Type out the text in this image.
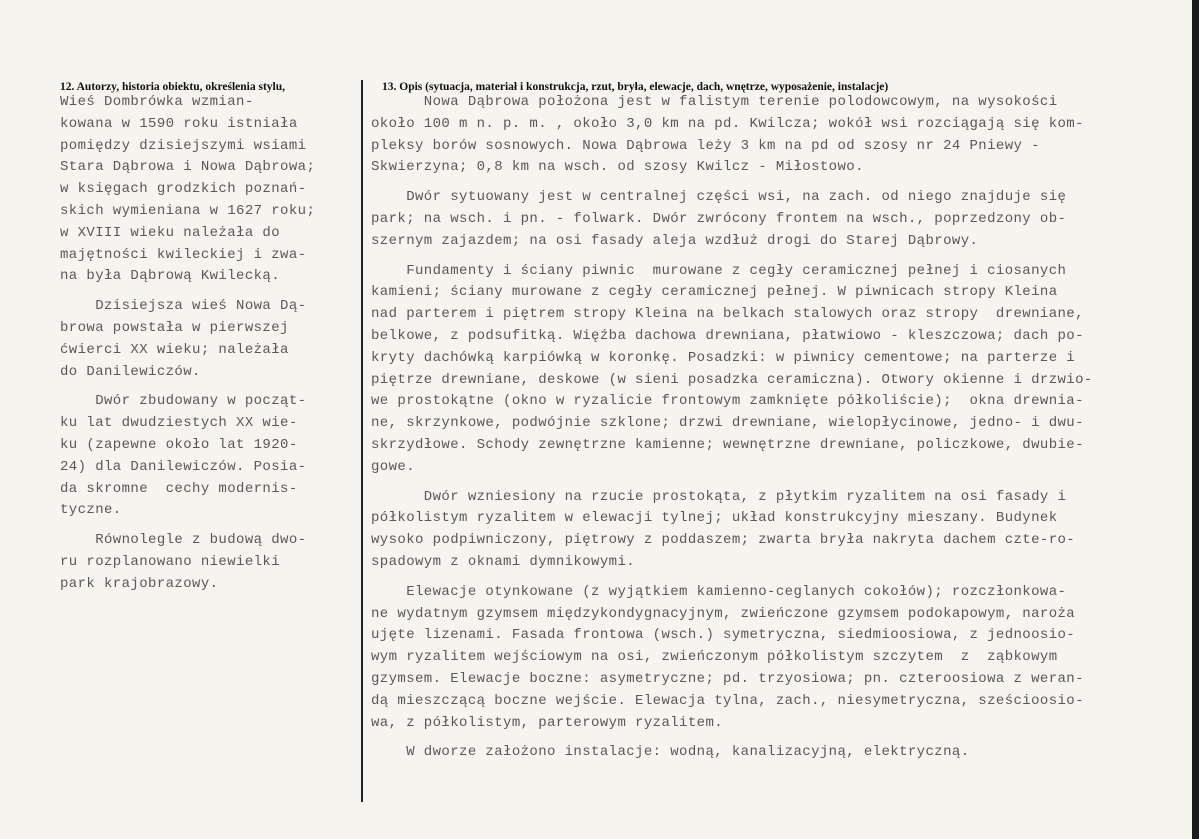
12. Autorzy, historia obiektu, określenia stylu,	13. Opis (sytuacja, materiał i konstrukcja, rzut, bryła, elewacje, dach, wnętrze, wyposażenie, instalacje)
Wieś Dombrówka wzmian-
kowana w 1590 roku istniała
pomiędzy dzisiejszymi wsiami
Stara Dąbrowa i Nowa Dąbrowa;
w księgach grodzkich poznań-
skich wymieniana w 1627 roku;
w XVIII wieku należała do
majętności kwileckiej i zwa-
na była Dąbrową Kwilecką.
Dzisiejsza wieś Nowa Dą-
browa powstała w pierwszej
ćwierci XX wieku; należała
do Danilewiczów.
Dwór zbudowany w począt-
ku lat dwudziestych XX wie-
ku (zapewne około lat 1920-
24) dla Danilewiczów. Posia-
da skromne  cechy modernis-
tyczne.
Równolegle z budową dwo-
ru rozplanowano niewielki
park krajobrazowy.
Nowa Dąbrowa położona jest w falistym terenie polodowcowym, na wysokości
około 100 m n. p. m. , około 3,0 km na pd. Kwilcza; wokół wsi rozciągają się kom-
pleksy borów sosnowych. Nowa Dąbrowa leży 3 km na pd od szosy nr 24 Pniewy -
Skwierzyna; 0,8 km na wsch. od szosy Kwilcz - Miłostowo.
Dwór sytuowany jest w centralnej części wsi, na zach. od niego znajduje się
park; na wsch. i pn. - folwark. Dwór zwrócony frontem na wsch., poprzedzony ob-
szernym zajazdem; na osi fasady aleja wzdłuż drogi do Starej Dąbrowy.
Fundamenty i ściany piwnic  murowane z cegły ceramicznej pełnej i ciosanych
kamieni; ściany murowane z cegły ceramicznej pełnej. W piwnicach stropy Kleina
nad parterem i piętrem stropy Kleina na belkach stalowych oraz stropy  drewniane,
belkowe, z podsufitką. Więźba dachowa drewniana, płatwiowo - kleszczowa; dach po-
kryty dachówką karpiówką w koronkę. Posadzki: w piwnicy cementowe; na parterze i
piętrze drewniane, deskowe (w sieni posadzka ceramiczna). Otwory okienne i drzwio-
we prostokątne (okno w ryzalicie frontowym zamknięte półkoliście);  okna drewnia-
ne, skrzynkowe, podwójnie szklone; drzwi drewniane, wielopłycinowe, jedno- i dwu-
skrzydłowe. Schody zewnętrzne kamienne; wewnętrzne drewniane, policzkowe, dwubie-
gowe.
Dwór wzniesiony na rzucie prostokąta, z płytkim ryzalitem na osi fasady i
półkolistym ryzalitem w elewacji tylnej; układ konstrukcyjny mieszany. Budynek
wysoko podpiwniczony, piętrowy z poddaszem; zwarta bryła nakryta dachem czte-ro-
spadowym z oknami dymnikowymi.
Elewacje otynkowane (z wyjątkiem kamienno-ceglanych cokołów); rozczłonkowa-
ne wydatnym gzymsem międzykondygnacyjnym, zwieńczone gzymsem podokapowym, naroża
ujęte lizenami. Fasada frontowa (wsch.) symetryczna, siedmioosiowa, z jednoosio-
wym ryzalitem wejściowym na osi, zwieńczonym półkolistym szczytem  z  ząbkowym
gzymsem. Elewacje boczne: asymetryczne; pd. trzyosiowa; pn. czteroosiowa z weran-
dą mieszczącą boczne wejście. Elewacja tylna, zach., niesymetryczna, sześcioosio-
wa, z półkolistym, parterowym ryzalitem.
W dworze założono instalacje: wodną, kanalizacyjną, elektryczną.
